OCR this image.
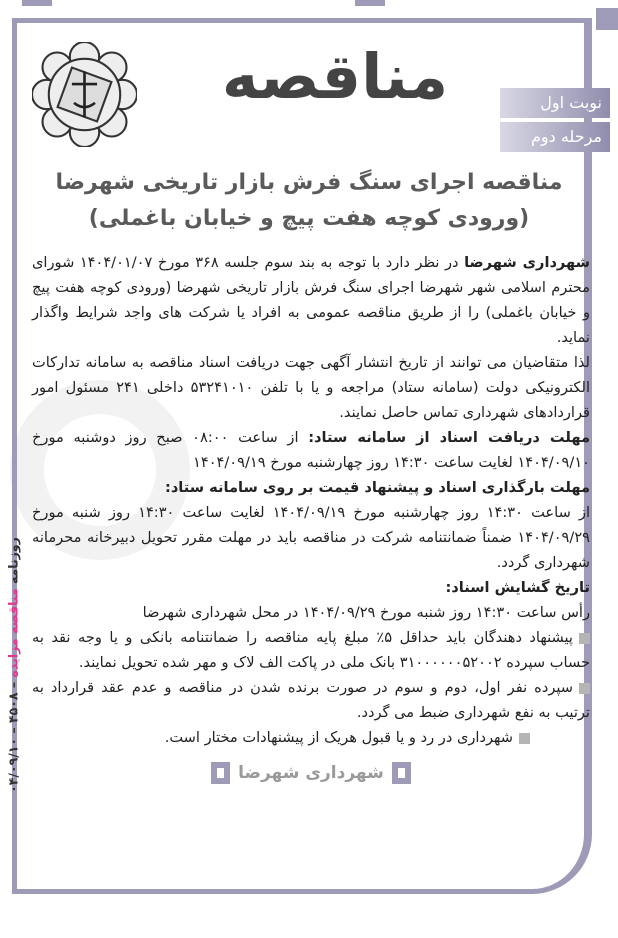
مناقصه	نوبت اول
مرحله دوم
مناقصه اجرای سنگ فرش بازار تاریخی شهرضا
(ورودی کوچه هفت پیچ و خیابان باغملی)

شهرداری شهرضا در نظر دارد با توجه به بند سوم جلسه ۳۶۸ مورخ ۱۴۰۴/۰۱/۰۷ شورای محترم اسلامی شهر شهرضا اجرای سنگ فرش بازار تاریخی شهرضا (ورودی کوچه هفت پیچ و خیابان باغملی) را از طریق مناقصه عمومی به افراد یا شرکت های واجد شرایط واگذار نماید.

لذا متقاضیان می توانند از تاریخ انتشار آگهی جهت دریافت اسناد مناقصه به سامانه تدارکات الکترونیکی دولت (سامانه ستاد) مراجعه و یا با تلفن ۵۳۲۴۱۰۱۰ داخلی ۲۴۱ مسئول امور قراردادهای شهرداری تماس حاصل نمایند.

مهلت دریافت اسناد از سامانه ستاد: از ساعت ۰۸:۰۰ صبح روز دوشنبه مورخ ۱۴۰۴/۰۹/۱۰ لغایت ساعت ۱۴:۳۰ روز چهارشنبه مورخ ۱۴۰۴/۰۹/۱۹

مهلت بارگذاری اسناد و پیشنهاد قیمت بر روی سامانه ستاد:

از ساعت ۱۴:۳۰ روز چهارشنبه مورخ ۱۴۰۴/۰۹/۱۹ لغایت ساعت ۱۴:۳۰ روز شنبه مورخ ۱۴۰۴/۰۹/۲۹ ضمناً ضمانتنامه شرکت در مناقصه باید در مهلت مقرر تحویل دبیرخانه محرمانه شهرداری گردد.

تاریخ گشایش اسناد:

رأس ساعت ۱۴:۳۰ روز شنبه مورخ ۱۴۰۴/۰۹/۲۹ در محل شهرداری شهرضا

پیشنهاد دهندگان باید حداقل ۵٪ مبلغ پایه مناقصه را ضمانتنامه بانکی و یا وجه نقد به حساب سپرده ۳۱۰۰۰۰۰۰۵۲۰۰۲ بانک ملی در پاکت الف لاک و مهر شده تحویل نمایند.

سپرده نفر اول، دوم و سوم در صورت برنده شدن در مناقصه و عدم عقد قرارداد به ترتیب به نفع شهرداری ضبط می گردد.

شهرداری در رد و یا قبول هریک از پیشنهادات مختار است.

شهرداری شهرضا
روزنامه مناقصه مزایده – ۴۵۰۸ – ۰۴/۰۹/۱۰
